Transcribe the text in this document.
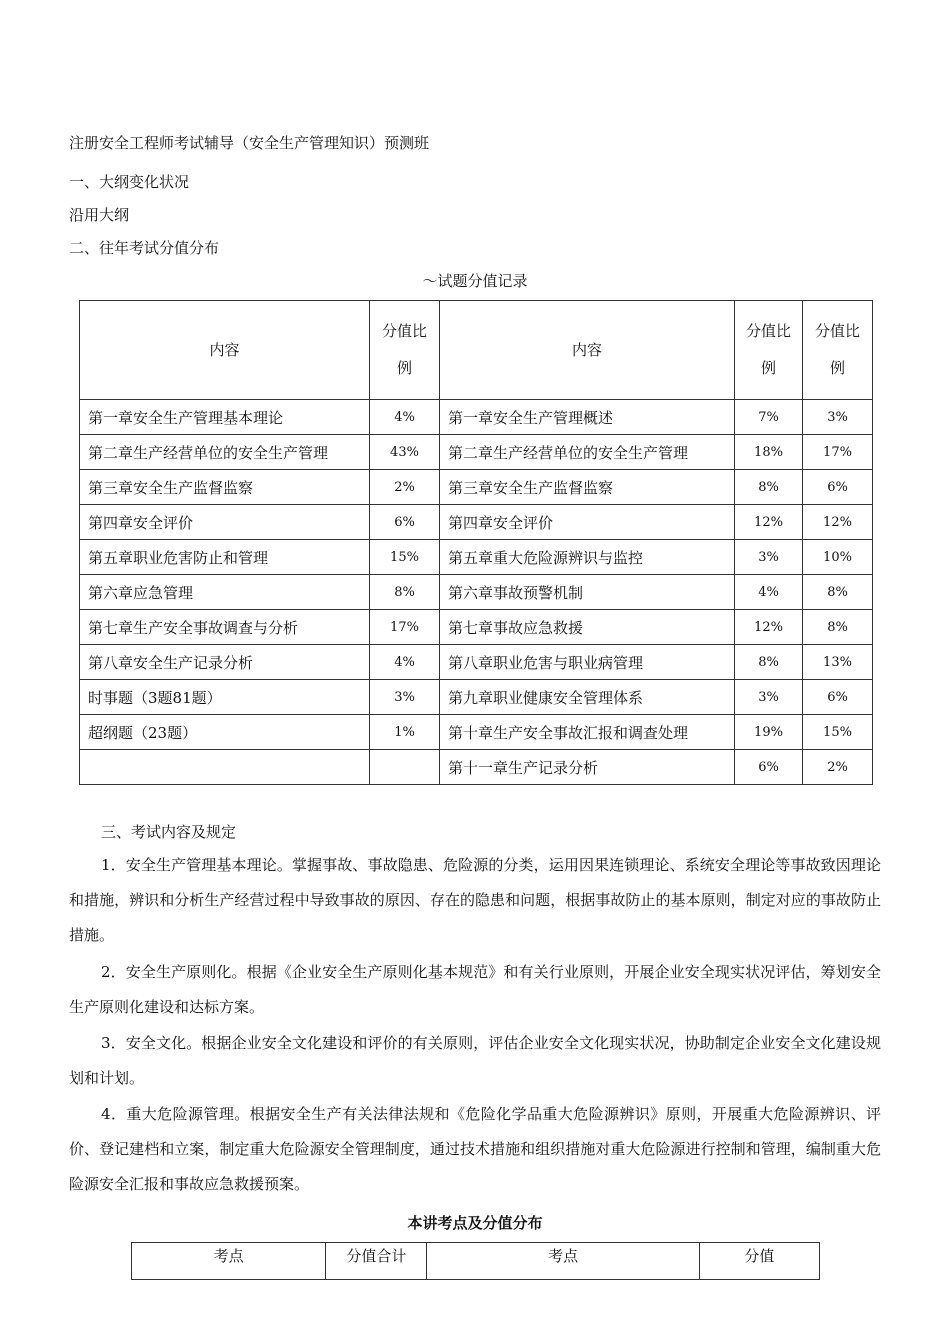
注册安全工程师考试辅导（安全生产管理知识）预测班
一、大纲变化状况
沿用大纲
二、往年考试分值分布
～试题分值记录
内容	分值比例	内容	分值比例	分值比例
第一章安全生产管理基本理论	4%	第一章安全生产管理概述	7%	3%
第二章生产经营单位的安全生产管理	43%	第二章生产经营单位的安全生产管理	18%	17%
第三章安全生产监督监察	2%	第三章安全生产监督监察	8%	6%
第四章安全评价	6%	第四章安全评价	12%	12%
第五章职业危害防止和管理	15%	第五章重大危险源辨识与监控	3%	10%
第六章应急管理	8%	第六章事故预警机制	4%	8%
第七章生产安全事故调查与分析	17%	第七章事故应急救援	12%	8%
第八章安全生产记录分析	4%	第八章职业危害与职业病管理	8%	13%
时事题（3题81题）	3%	第九章职业健康安全管理体系	3%	6%
超纲题（23题）	1%	第十章生产安全事故汇报和调查处理	19%	15%
		第十一章生产记录分析	6%	2%
三、考试内容及规定

1．安全生产管理基本理论。掌握事故、事故隐患、危险源的分类，运用因果连锁理论、系统安全理论等事故致因理论和措施，辨识和分析生产经营过程中导致事故的原因、存在的隐患和问题，根据事故防止的基本原则，制定对应的事故防止措施。

2．安全生产原则化。根据《企业安全生产原则化基本规范》和有关行业原则，开展企业安全现实状况评估，筹划安全生产原则化建设和达标方案。

3．安全文化。根据企业安全文化建设和评价的有关原则，评估企业安全文化现实状况，协助制定企业安全文化建设规划和计划。

4．重大危险源管理。根据安全生产有关法律法规和《危险化学品重大危险源辨识》原则，开展重大危险源辨识、评价、登记建档和立案，制定重大危险源安全管理制度，通过技术措施和组织措施对重大危险源进行控制和管理，编制重大危险源安全汇报和事故应急救援预案。

本讲考点及分值分布
考点	分值合计	考点	分值
